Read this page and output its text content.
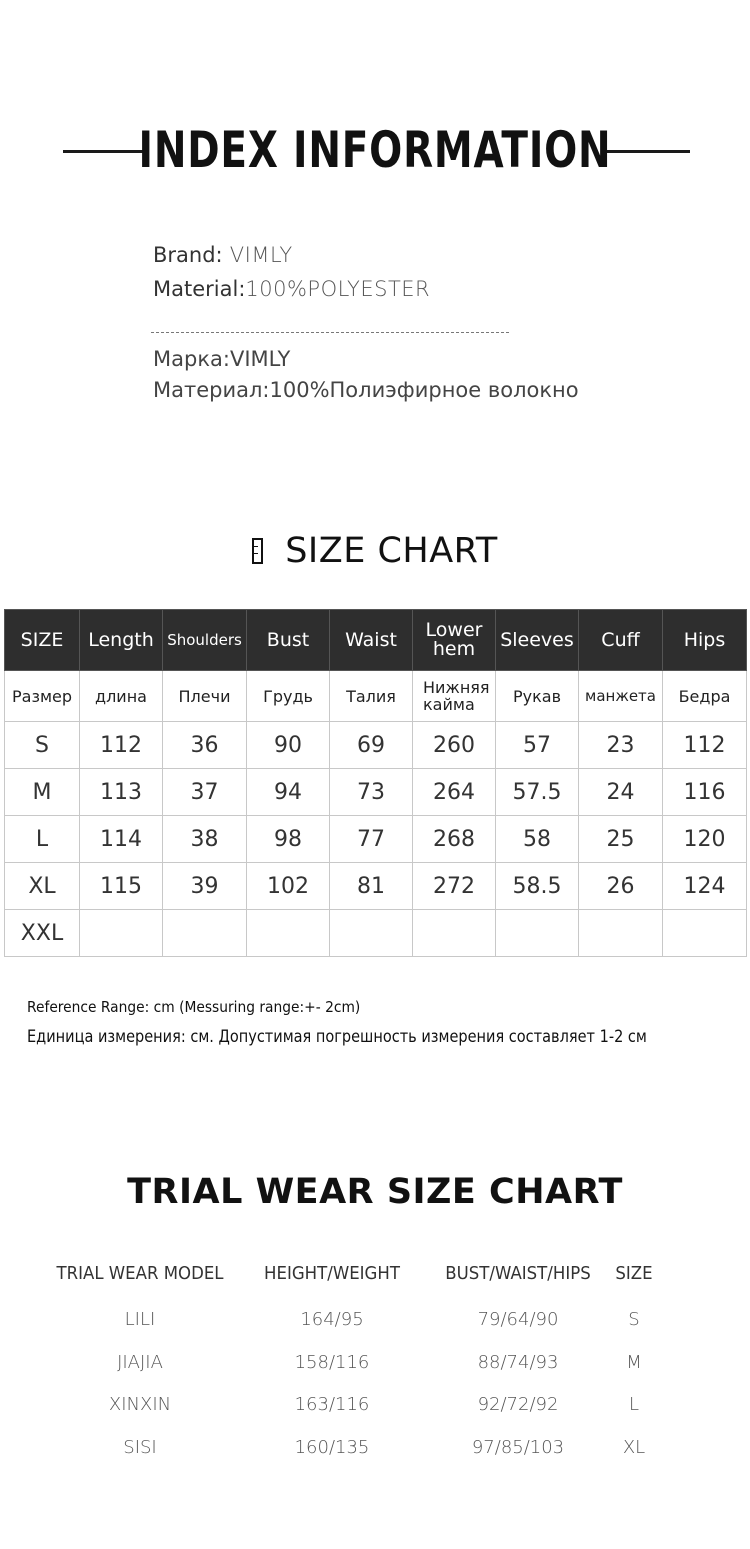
INDEX INFORMATION
Brand: VIMLY
Material:100%POLYESTER
Марка:VIMLY
Материал:100%Полиэфирное волокно
SIZE CHART
SIZE	Length	Shoulders	Bust	Waist	Lower hem	Sleeves	Cuff	Hips
Размер	длина	Плечи	Грудь	Талия	Нижняя кайма	Рукав	манжета	Бедра
S	112	36	90	69	260	57	23	112
M	113	37	94	73	264	57.5	24	116
L	114	38	98	77	268	58	25	120
XL	115	39	102	81	272	58.5	26	124
XXL								
Reference Range: cm (Messuring range:+- 2cm)
Единица измерения: см. Допустимая погрешность измерения составляет 1-2 см
TRIAL WEAR SIZE CHART
TRIAL WEAR MODEL	HEIGHT/WEIGHT	BUST/WAIST/HIPS	SIZE
LILI	164/95	79/64/90	S
JIAJIA	158/116	88/74/93	M
XINXIN	163/116	92/72/92	L
SISI	160/135	97/85/103	XL
